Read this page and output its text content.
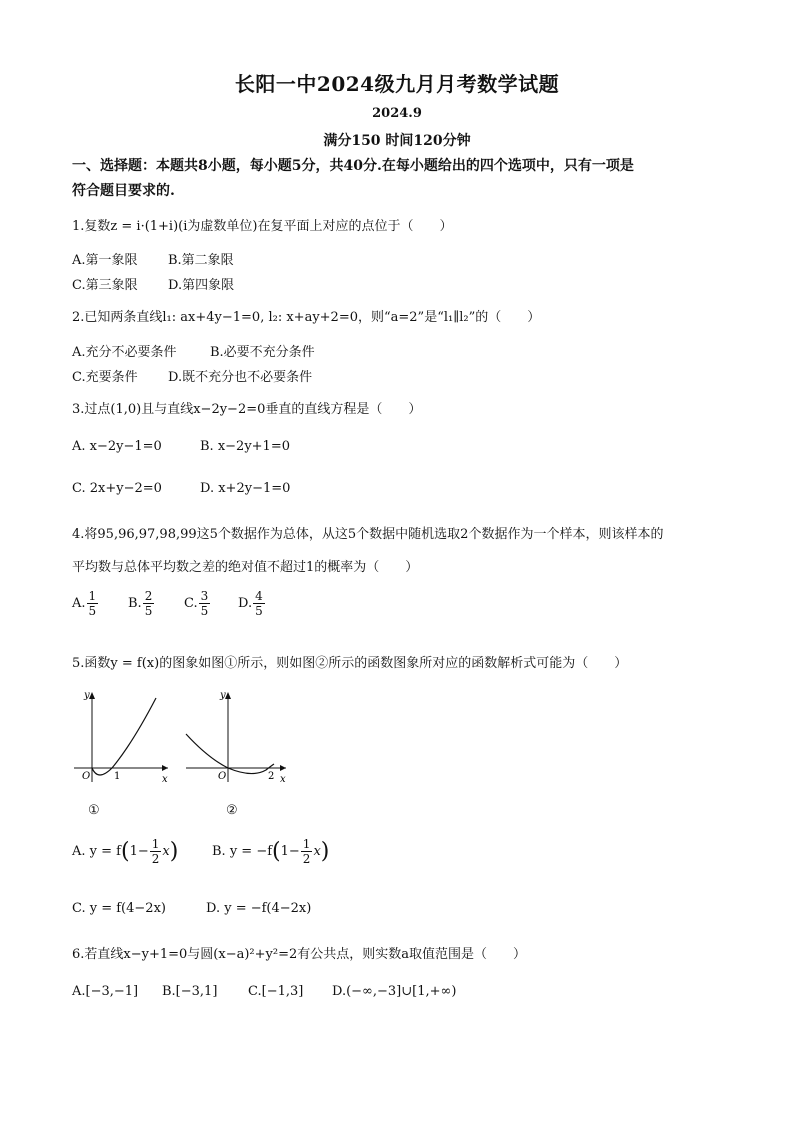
长阳一中2024级九月月考数学试题
2024.9
满分150 时间120分钟
一、选择题：本题共8小题，每小题5分，共40分.在每小题给出的四个选项中，只有一项是
符合题目要求的.
1.复数z = i·(1+i)(i为虚数单位)在复平面上对应的点位于（　　）
A.第一象限 B.第二象限
C.第三象限 D.第四象限
2.已知两条直线l₁: ax+4y−1=0, l₂: x+ay+2=0，则“a=2”是“l₁∥l₂”的（　　）
A.充分不必要条件	B.必要不充分条件
C.充要条件 D.既不充分也不必要条件
3.过点(1,0)且与直线x−2y−2=0垂直的直线方程是（　　）
A. x−2y−1=0	B. x−2y+1=0
C. 2x+y−2=0	D. x+2y−1=0
4.将95,96,97,98,99这5个数据作为总体，从这5个数据中随机选取2个数据作为一个样本，则该样本的
平均数与总体平均数之差的绝对值不超过1的概率为（　　）
A. $\frac{1}{5} B$. $\frac{2}{5} C$. $\frac{3}{5} D$. $\frac{4}{5}$
5.函数y = f(x)的图象如图①所示，则如图②所示的函数图象所对应的函数解析式可能为（　　）
y
x
O 1
①
y
x
O	2
②
A. $y = f(1- \frac{1}{2} x)$	B. $y = -f(1- \frac{1}{2} x)$
C. y = f(4−2x)	D. y = −f(4−2x)
6.若直线x−y+1=0与圆(x−a)²+y²=2有公共点，则实数a取值范围是（　　）
A.[−3,−1] B.[−3,1] C.[−1,3] D.(−∞,−3]∪[1,+∞)
